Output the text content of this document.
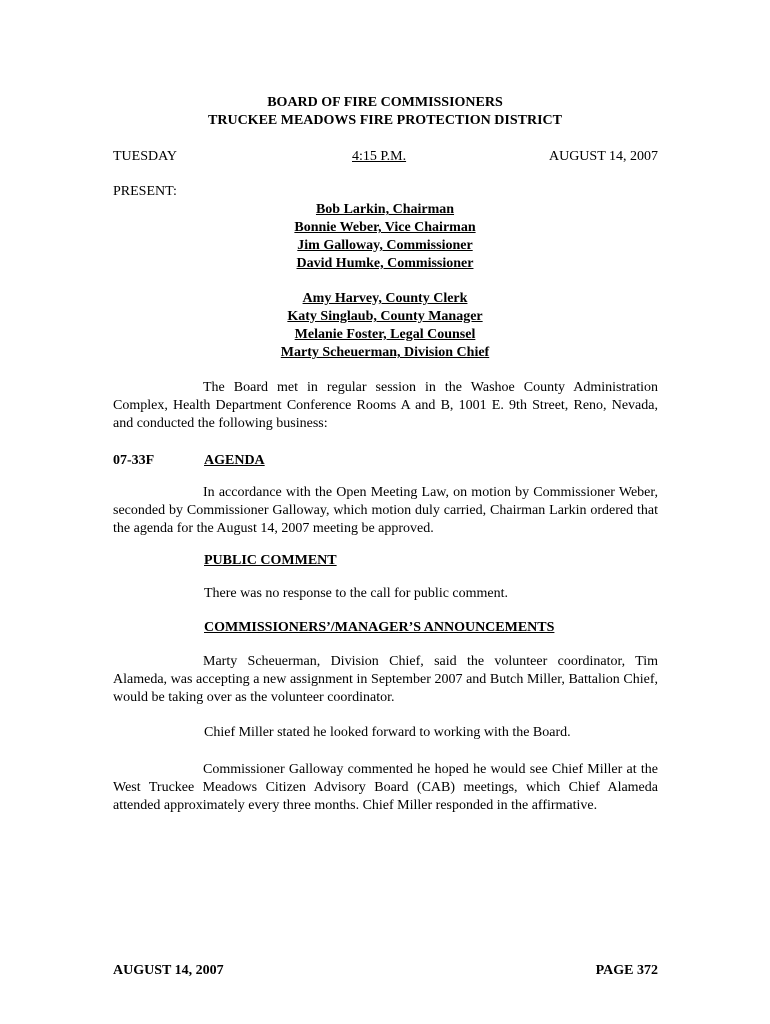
BOARD OF FIRE COMMISSIONERS
TRUCKEE MEADOWS FIRE PROTECTION DISTRICT
TUESDAY	4:15 P.M.	AUGUST 14, 2007
PRESENT:
Bob Larkin, Chairman
Bonnie Weber, Vice Chairman
Jim Galloway, Commissioner
David Humke, Commissioner
Amy Harvey, County Clerk
Katy Singlaub, County Manager
Melanie Foster, Legal Counsel
Marty Scheuerman, Division Chief

The Board met in regular session in the Washoe County Administration Complex, Health Department Conference Rooms A and B, 1001 E. 9th Street, Reno, Nevada, and conducted the following business:

07-33F	AGENDA

In accordance with the Open Meeting Law, on motion by Commissioner Weber, seconded by Commissioner Galloway, which motion duly carried, Chairman Larkin ordered that the agenda for the August 14, 2007 meeting be approved.

PUBLIC COMMENT
There was no response to the call for public comment.
COMMISSIONERS’/MANAGER’S ANNOUNCEMENTS

Marty Scheuerman, Division Chief, said the volunteer coordinator, Tim Alameda, was accepting a new assignment in September 2007 and Butch Miller, Battalion Chief, would be taking over as the volunteer coordinator.

Chief Miller stated he looked forward to working with the Board.

Commissioner Galloway commented he hoped he would see Chief Miller at the West Truckee Meadows Citizen Advisory Board (CAB) meetings, which Chief Alameda attended approximately every three months. Chief Miller responded in the affirmative.

AUGUST 14, 2007	PAGE 372
